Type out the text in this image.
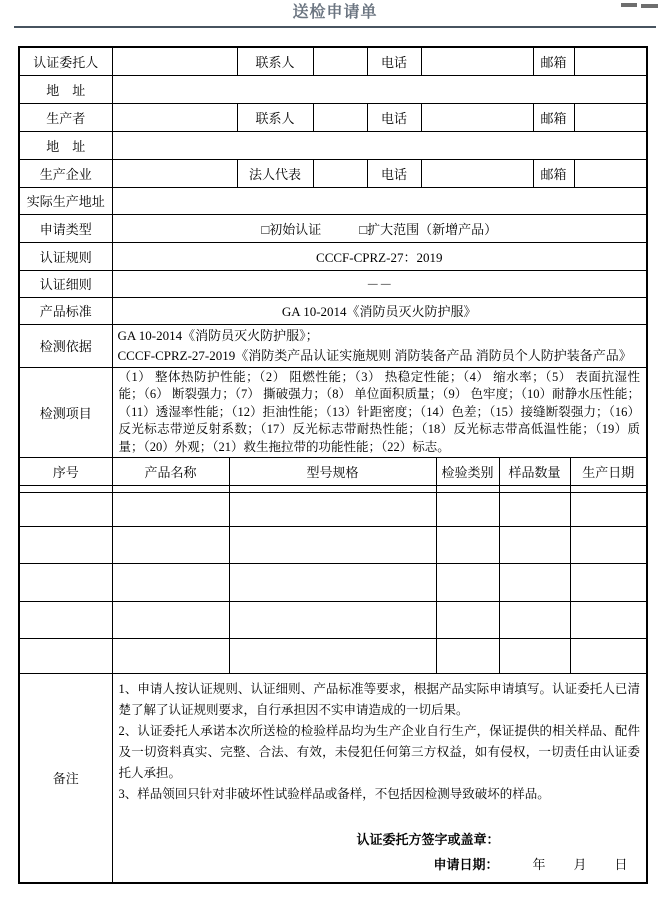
送检申请单
认证委托人		联系人		电话		邮箱	
地　址							
生产者		联系人		电话		邮箱	
地　址							
生产企业		法人代表		电话		邮箱	
实际生产地址							
申请类型	□初始认证 □扩大范围（新增产品）						
认证规则	CCCF-CPRZ-27：2019						
认证细则	－－						
产品标准	GA 10-2014《消防员灭火防护服》						
检测依据	GA 10-2014《消防员灭火防护服》；
CCCF-CPRZ-27-2019《消防类产品认证实施规则 消防装备产品 消防员个人防护装备产品》						

检测项目	（1） 整体热防护性能；（2） 阻燃性能；（3） 热稳定性能；（4） 缩水率；（5） 表面抗湿性能；（6） 断裂强力；（7） 撕破强力；（8） 单位面积质量；（9） 色牢度；（10）耐静水压性能；（11）透湿率性能；（12）拒油性能；（13）针距密度；（14）色差；（15）接缝断裂强力；（16）反光标志带逆反射系数；（17）反光标志带耐热性能；（18）反光标志带高低温性能；（19）质量；（20）外观；（21）救生拖拉带的功能性能；（22）标志。						
序号	产品名称	型号规格	检验类别	样品数量	生产日期

备注	
1、申请人按认证规则、认证细则、产品标准等要求，根据产品实际申请填写。认证委托人已清楚了解了认证规则要求，自行承担因不实申请造成的一切后果。
2、认证委托人承诺本次所送检的检验样品均为生产企业自行生产，保证提供的相关样品、配件及一切资料真实、完整、合法、有效，未侵犯任何第三方权益，如有侵权，一切责任由认证委托人承担。
3、样品领回只针对非破坏性试验样品或备样，不包括因检测导致破坏的样品。
认证委托方签字或盖章：
申请日期：	年 月 日
